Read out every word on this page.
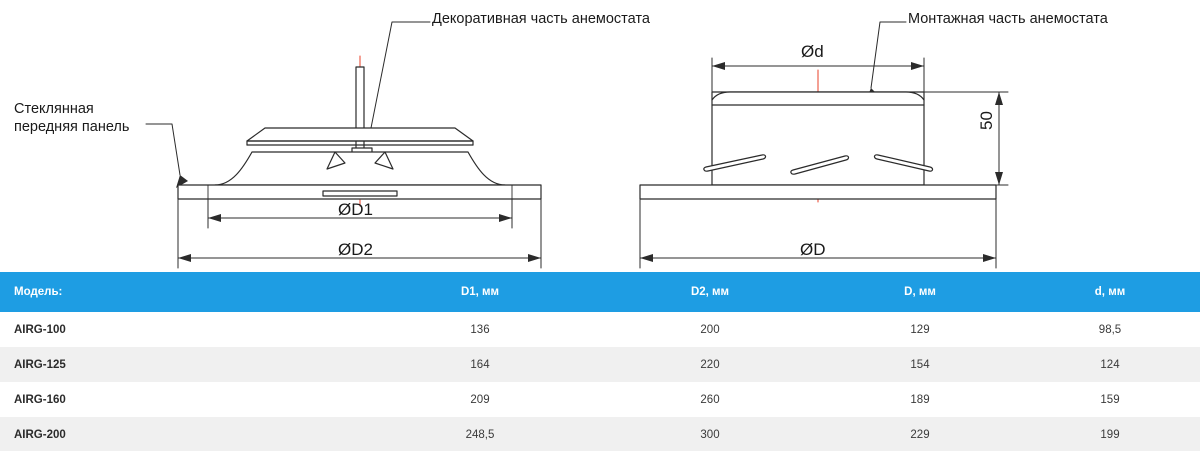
Декоративная часть анемостата	Монтажная часть анемостата
Стеклянная
передняя панель
ØD1
ØD2
Ød
ØD
50
Модель:	D1, мм	D2, мм	D, мм	d, мм
AIRG-100	136	200	129	98,5
AIRG-125	164	220	154	124
AIRG-160	209	260	189	159
AIRG-200	248,5	300	229	199
